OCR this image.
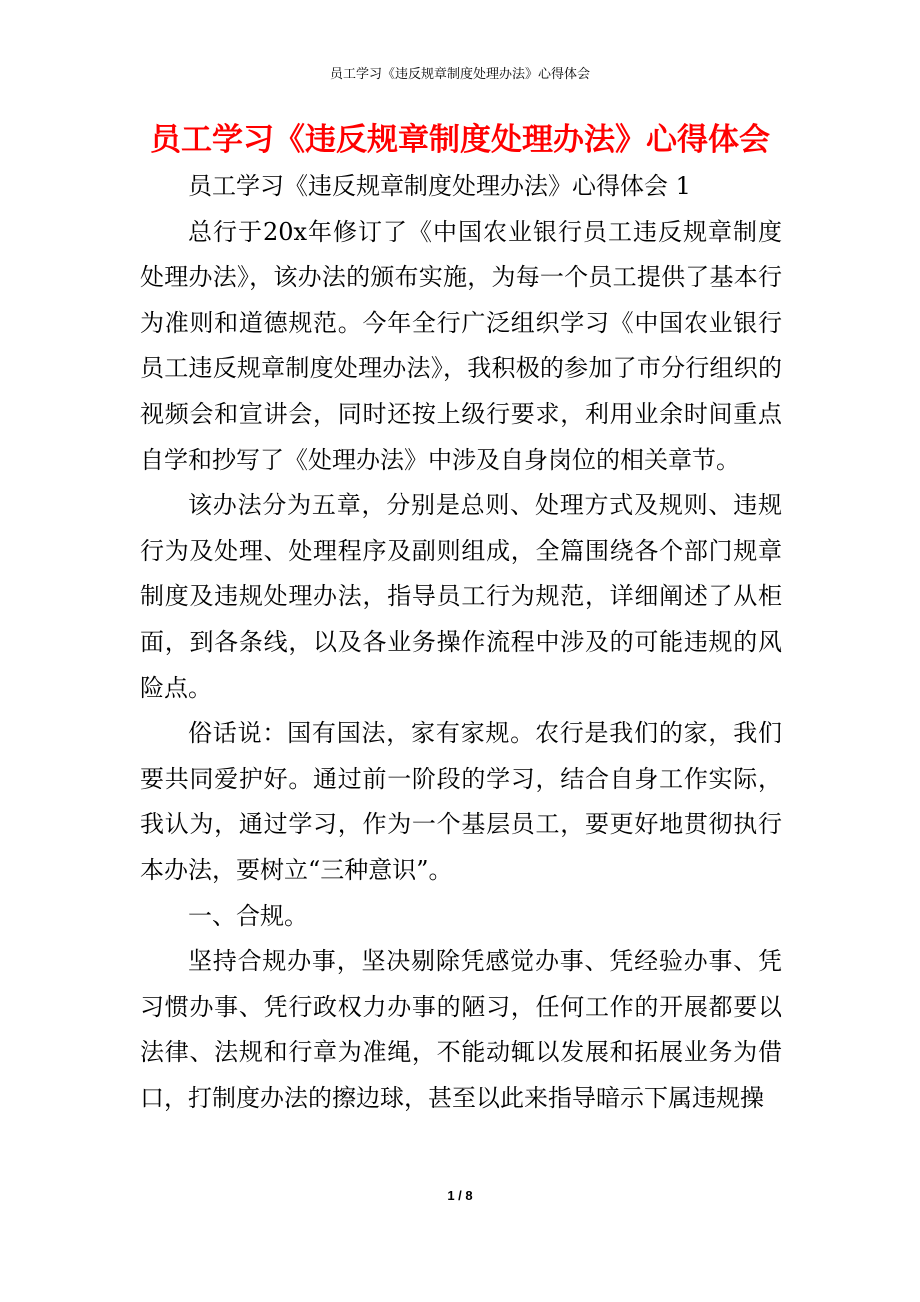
员工学习《违反规章制度处理办法》心得体会
员工学习《违反规章制度处理办法》心得体会

员工学习《违反规章制度处理办法》心得体会 1

总行于20x年修订了《中国农业银行员工违反规章制度处理办法》，该办法的颁布实施，为每一个员工提供了基本行为准则和道德规范。今年全行广泛组织学习《中国农业银行员工违反规章制度处理办法》，我积极的参加了市分行组织的视频会和宣讲会，同时还按上级行要求，利用业余时间重点自学和抄写了《处理办法》中涉及自身岗位的相关章节。

该办法分为五章，分别是总则、处理方式及规则、违规行为及处理、处理程序及副则组成，全篇围绕各个部门规章制度及违规处理办法，指导员工行为规范，详细阐述了从柜面，到各条线，以及各业务操作流程中涉及的可能违规的风险点。

俗话说：国有国法，家有家规。农行是我们的家，我们要共同爱护好。通过前一阶段的学习，结合自身工作实际，我认为，通过学习，作为一个基层员工，要更好地贯彻执行本办法，要树立“三种意识”。

一、合规。

坚持合规办事，坚决剔除凭感觉办事、凭经验办事、凭习惯办事、凭行政权力办事的陋习，任何工作的开展都要以法律、法规和行章为准绳，不能动辄以发展和拓展业务为借口，打制度办法的擦边球，甚至以此来指导暗示下属违规操

1 / 8
